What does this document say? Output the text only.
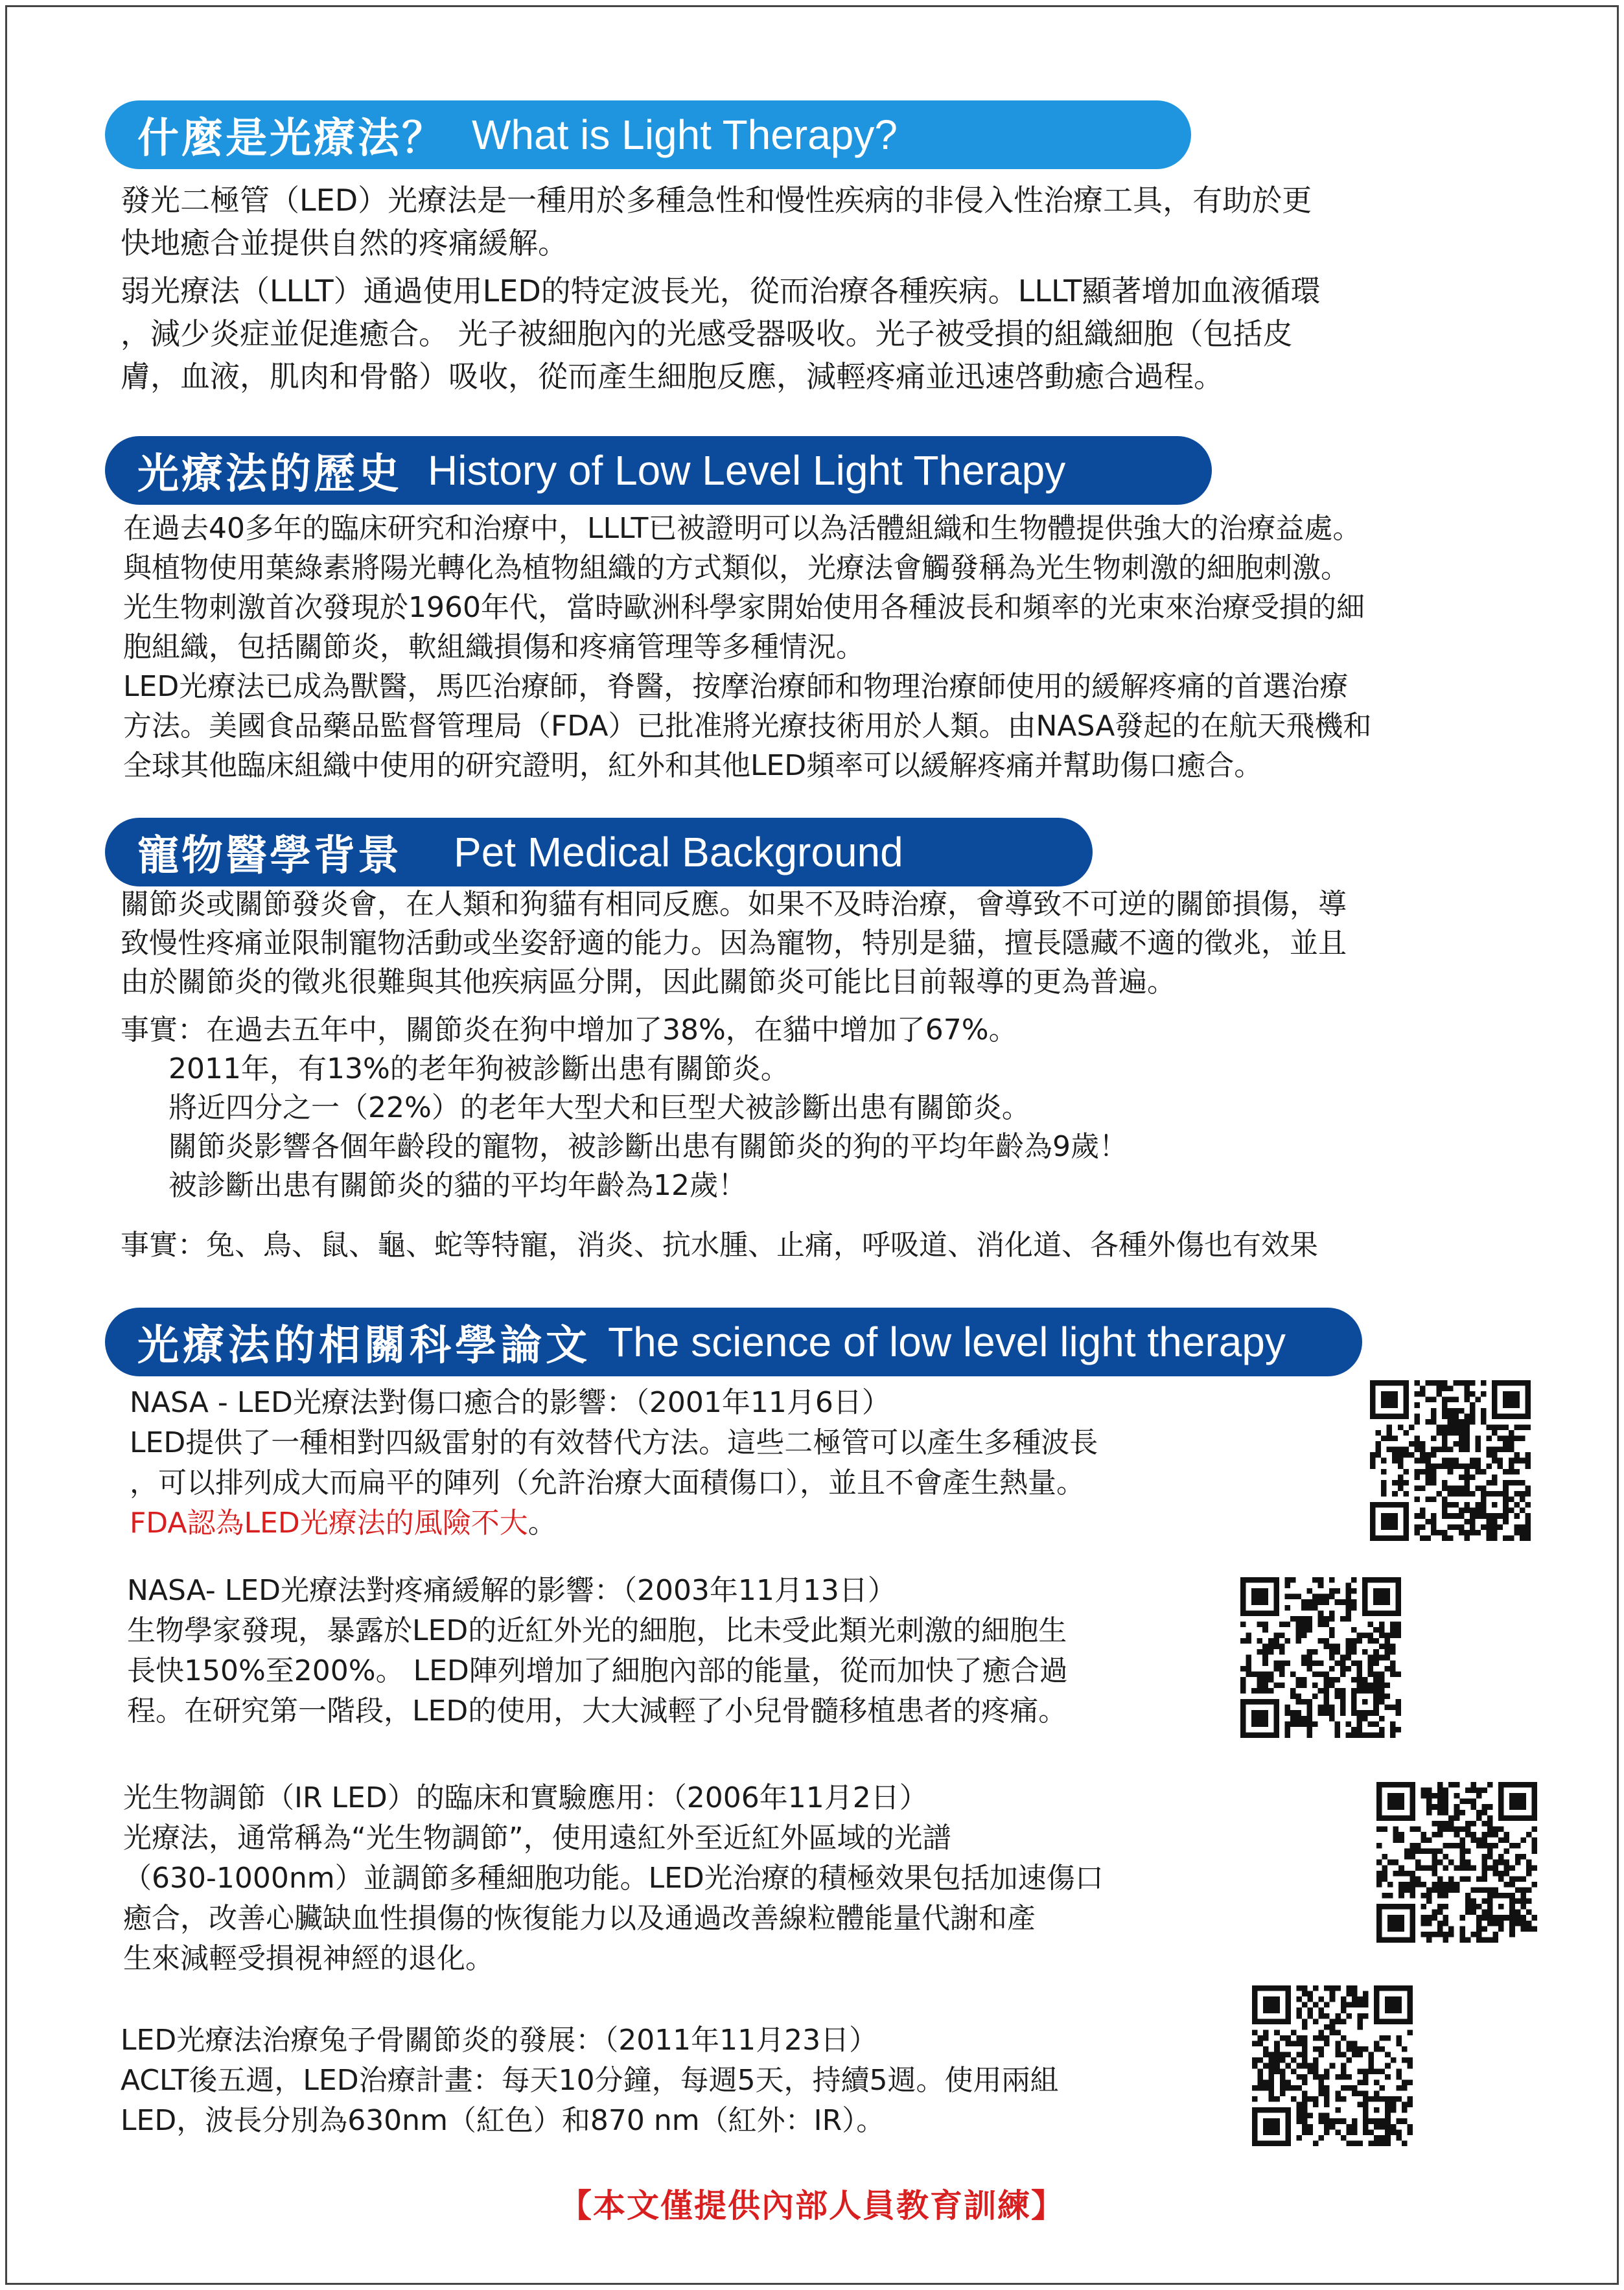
什麼是光療法？ What is Light Therapy?

發光二極管（LED）光療法是一種用於多種急性和慢性疾病的非侵入性治療工具，有助於更

快地癒合並提供自然的疼痛緩解。

弱光療法（LLLT）通過使用LED的特定波長光，從而治療各種疾病。LLLT顯著增加血液循環

，減少炎症並促進癒合。 光子被細胞內的光感受器吸收。光子被受損的組織細胞（包括皮

膚，血液，肌肉和骨骼）吸收，從而產生細胞反應，減輕疼痛並迅速啓動癒合過程。

光療法的歷史 History of Low Level Light Therapy

在過去40多年的臨床研究和治療中，LLLT已被證明可以為活體組織和生物體提供強大的治療益處。

與植物使用葉綠素將陽光轉化為植物組織的方式類似，光療法會觸發稱為光生物刺激的細胞刺激。

光生物刺激首次發現於1960年代，當時歐洲科學家開始使用各種波長和頻率的光束來治療受損的細

胞組織，包括關節炎，軟組織損傷和疼痛管理等多種情況。

LED光療法已成為獸醫，馬匹治療師，脊醫，按摩治療師和物理治療師使用的緩解疼痛的首選治療

方法。美國食品藥品監督管理局（FDA）已批准將光療技術用於人類。由NASA發起的在航天飛機和

全球其他臨床組織中使用的研究證明，紅外和其他LED頻率可以緩解疼痛并幫助傷口癒合。

寵物醫學背景 Pet Medical Background

關節炎或關節發炎會，在人類和狗貓有相同反應。如果不及時治療，會導致不可逆的關節損傷，導

致慢性疼痛並限制寵物活動或坐姿舒適的能力。因為寵物，特別是貓，擅長隱藏不適的徵兆，並且

由於關節炎的徵兆很難與其他疾病區分開，因此關節炎可能比目前報導的更為普遍。

事實：在過去五年中，關節炎在狗中增加了38%，在貓中增加了67%。

2011年，有13%的老年狗被診斷出患有關節炎。

將近四分之一（22%）的老年大型犬和巨型犬被診斷出患有關節炎。

關節炎影響各個年齡段的寵物，被診斷出患有關節炎的狗的平均年齡為9歲！

被診斷出患有關節炎的貓的平均年齡為12歲！

事實：兔、鳥、鼠、龜、蛇等特寵，消炎、抗水腫、止痛，呼吸道、消化道、各種外傷也有效果

光療法的相關科學論文 The science of low level light therapy

NASA - LED光療法對傷口癒合的影響：（2001年11月6日）

LED提供了一種相對四級雷射的有效替代方法。這些二極管可以產生多種波長

，可以排列成大而扁平的陣列（允許治療大面積傷口），並且不會產生熱量。

FDA認為LED光療法的風險不大。

NASA- LED光療法對疼痛緩解的影響：（2003年11月13日）

生物學家發現，暴露於LED的近紅外光的細胞，比未受此類光刺激的細胞生

長快150%至200%。 LED陣列增加了細胞內部的能量，從而加快了癒合過

程。在研究第一階段，LED的使用，大大減輕了小兒骨髓移植患者的疼痛。

光生物調節（IR LED）的臨床和實驗應用：（2006年11月2日）

光療法，通常稱為“光生物調節”，使用遠紅外至近紅外區域的光譜

（630-1000nm）並調節多種細胞功能。LED光治療的積極效果包括加速傷口

癒合，改善心臟缺血性損傷的恢復能力以及通過改善線粒體能量代謝和產

生來減輕受損視神經的退化。

LED光療法治療兔子骨關節炎的發展：（2011年11月23日）

ACLT後五週，LED治療計畫：每天10分鐘，每週5天，持續5週。使用兩組

LED，波長分別為630nm（紅色）和870 nm（紅外：IR）。

【本文僅提供內部人員教育訓練】
